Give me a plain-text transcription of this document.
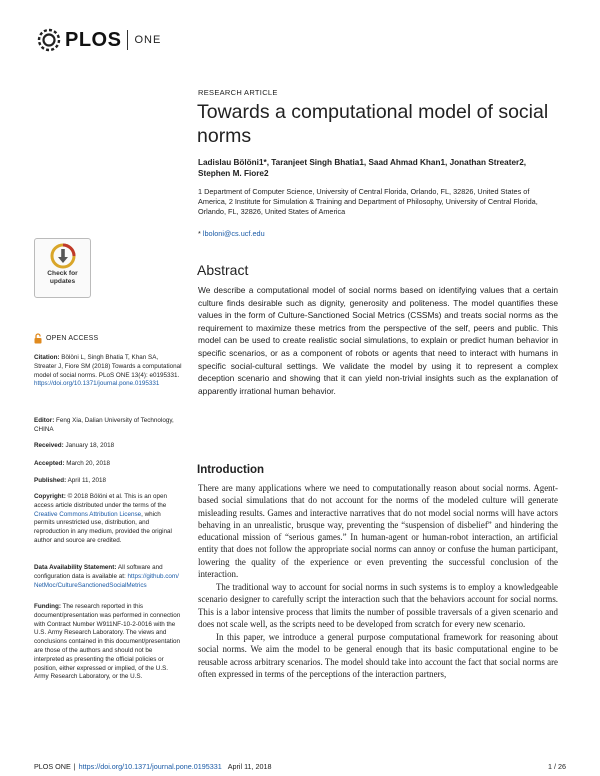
PLOS ONE
RESEARCH ARTICLE
Towards a computational model of social norms
Ladislau Bölöni1*, Taranjeet Singh Bhatia1, Saad Ahmad Khan1, Jonathan Streater2, Stephen M. Fiore2
1 Department of Computer Science, University of Central Florida, Orlando, FL, 32826, United States of America, 2 Institute for Simulation & Training and Department of Philosophy, University of Central Florida, Orlando, FL, 32826, United States of America
* lboloni@cs.ucf.edu
Check for updates
OPEN ACCESS
Citation: Bölöni L, Singh Bhatia T, Khan SA, Streater J, Fiore SM (2018) Towards a computational model of social norms. PLoS ONE 13(4): e0195331. https://doi.org/10.1371/journal.pone.0195331
Editor: Feng Xia, Dalian University of Technology, CHINA
Received: January 18, 2018
Accepted: March 20, 2018
Published: April 11, 2018
Copyright: © 2018 Bölöni et al. This is an open access article distributed under the terms of the Creative Commons Attribution License, which permits unrestricted use, distribution, and reproduction in any medium, provided the original author and source are credited.
Data Availability Statement: All software and configuration data is available at: https://github.com/NetMoc/CultureSanctionedSocialMetrics
Funding: The research reported in this document/presentation was performed in connection with Contract Number W911NF-10-2-0016 with the U.S. Army Research Laboratory. The views and conclusions contained in this document/presentation are those of the authors and should not be interpreted as presenting the official policies or position, either expressed or implied, of the U.S. Army Research Laboratory, or the U.S.
Abstract
We describe a computational model of social norms based on identifying values that a certain culture finds desirable such as dignity, generosity and politeness. The model quantifies these values in the form of Culture-Sanctioned Social Metrics (CSSMs) and treats social norms as the requirement to maximize these metrics from the perspective of the self, peers and public. This model can be used to create realistic social simulations, to explain or predict human behavior in specific scenarios, or as a component of robots or agents that need to interact with humans in specific social-cultural settings. We validate the model by using it to represent a complex deception scenario and showing that it can yield non-trivial insights such as the explanation of apparently irrational human behavior.
Introduction

There are many applications where we need to computationally reason about social norms. Agent-based social simulations that do not account for the norms of the modeled culture will generate misleading results. Games and interactive narratives that do not model social norms will have actors behaving in an unrealistic, brusque way, preventing the “suspension of disbelief” and hindering the educational mission of “serious games.” In human-agent or human-robot interaction, an artificial entity that does not follow the appropriate social norms can annoy or confuse the human participant, lowering the quality of the experience or even preventing the successful conclusion of the interaction.

The traditional way to account for social norms in such systems is to employ a knowledgeable scenario designer to carefully script the interaction such that the behaviors account for social norms. This is a labor intensive process that limits the number of possible traversals of a given scenario and does not scale well, as the scripts need to be developed from scratch for every new scenario.

In this paper, we introduce a general purpose computational framework for reasoning about social norms. We aim the model to be general enough that its basic computational engine to be reusable across arbitrary scenarios. The model should take into account the fact that social norms are often expressed in terms of the perceptions of the interaction partners,

PLOS ONE | https://doi.org/10.1371/journal.pone.0195331 April 11, 2018	1 / 26
